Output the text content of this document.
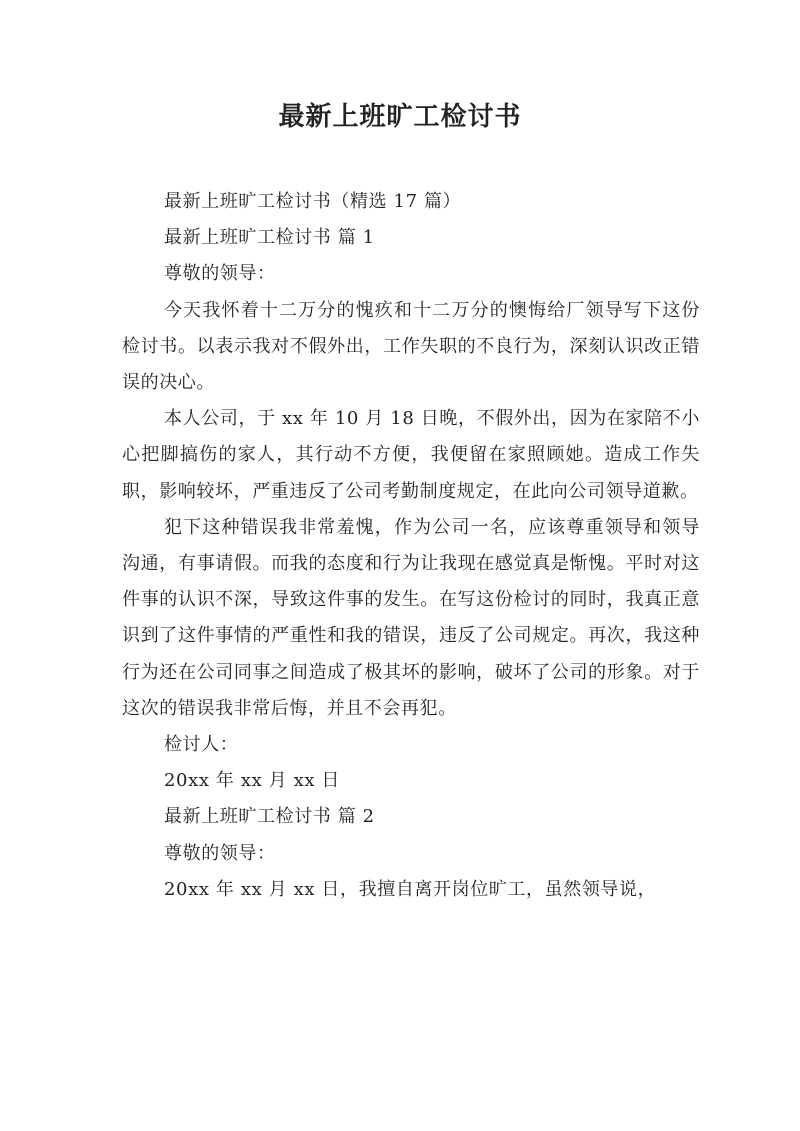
最新上班旷工检讨书
最新上班旷工检讨书（精选 17 篇）
最新上班旷工检讨书 篇 1
尊敬的领导：

今天我怀着十二万分的愧疚和十二万分的懊悔给厂领导写下这份检讨书。以表示我对不假外出，工作失职的不良行为，深刻认识改正错误的决心。

本人公司，于 xx 年 10 月 18 日晚，不假外出，因为在家陪不小心把脚搞伤的家人，其行动不方便，我便留在家照顾她。造成工作失职，影响较坏，严重违反了公司考勤制度规定，在此向公司领导道歉。

犯下这种错误我非常羞愧，作为公司一名，应该尊重领导和领导沟通，有事请假。而我的态度和行为让我现在感觉真是惭愧。平时对这件事的认识不深，导致这件事的发生。在写这份检讨的同时，我真正意识到了这件事情的严重性和我的错误，违反了公司规定。再次，我这种行为还在公司同事之间造成了极其坏的影响，破坏了公司的形象。对于这次的错误我非常后悔，并且不会再犯。

检讨人：
20xx 年 xx 月 xx 日
最新上班旷工检讨书 篇 2
尊敬的领导：

20xx 年 xx 月 xx 日，我擅自离开岗位旷工，虽然领导说，
